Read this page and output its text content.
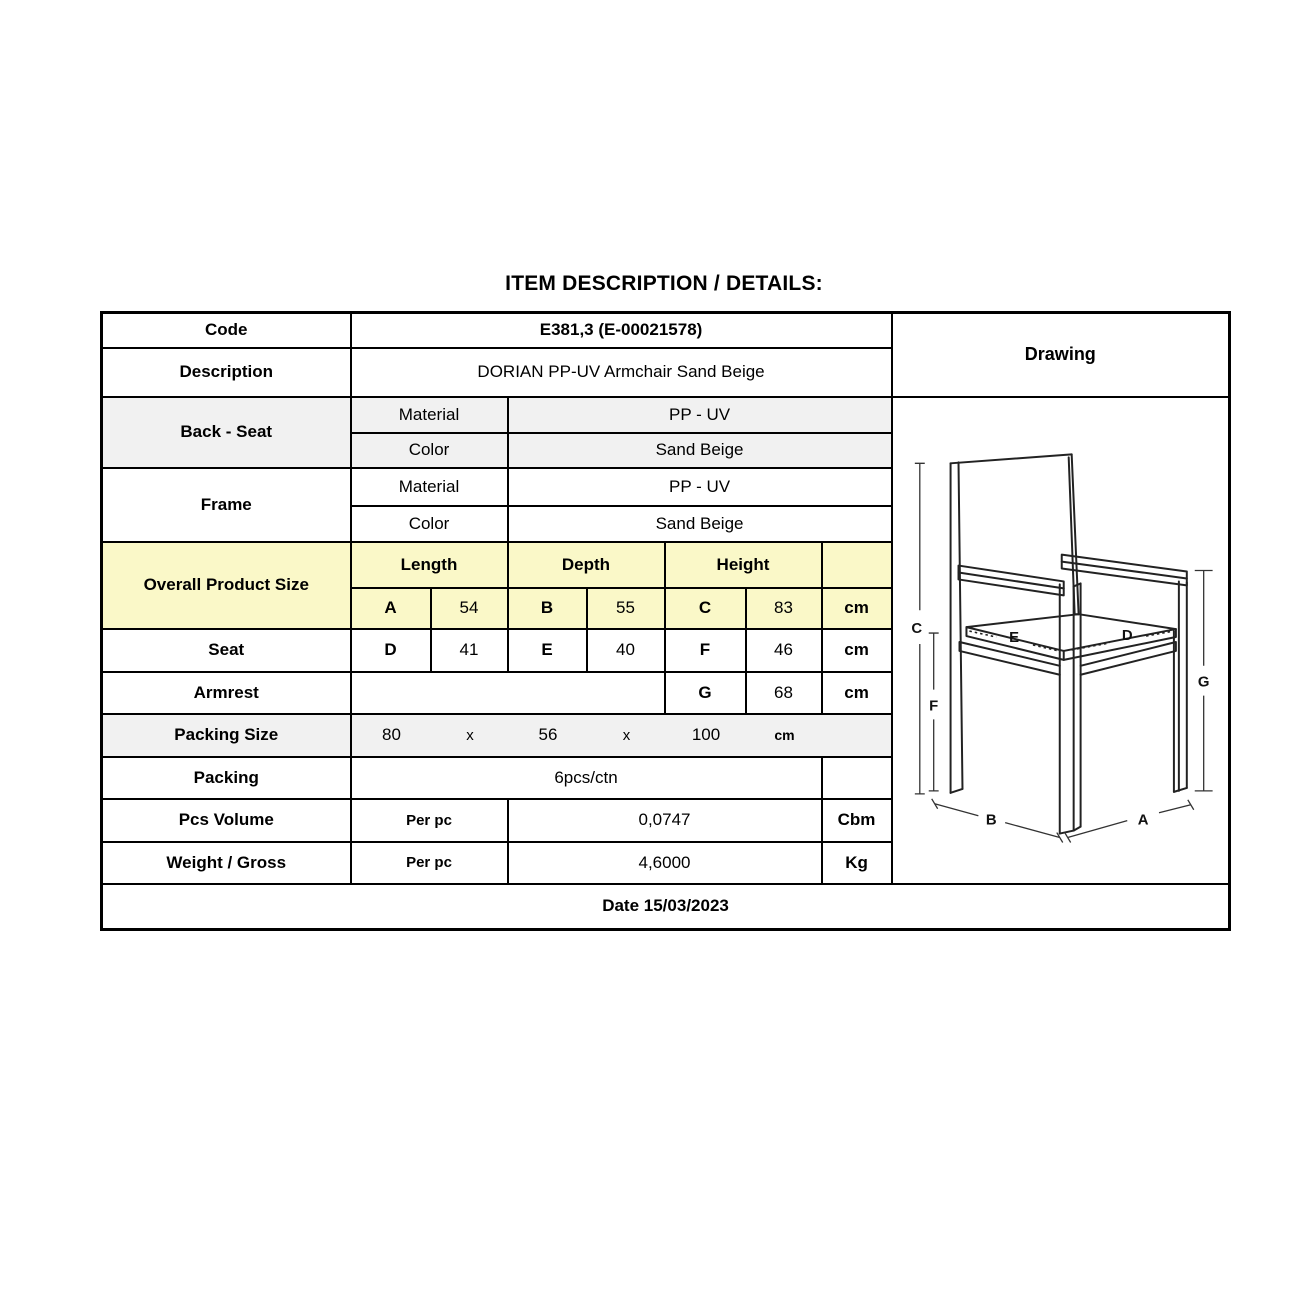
ITEM DESCRIPTION / DETAILS:
Code	E381,3 (E-00021578)							Drawing
Description	DORIAN PP-UV Armchair Sand Beige							
Back - Seat	Material	PP - UV	
C
F
G
E	D
B	A

	Color		Sand Beige					
Frame	Material		PP - UV					
	Color		Sand Beige					
Overall Product Size	Length		Depth		Height			
	A	54	B	55	C	83	cm	
Seat	D	41	E	40	F	46	cm	
Armrest					G	68	cm	
Packing Size	80	x	56	x	100	cm

Packing	6pcs/ctn							
Pcs Volume	Per pc		0,0747				Cbm	
Weight / Gross	Per pc		4,6000				Kg	
Date 15/03/2023								
